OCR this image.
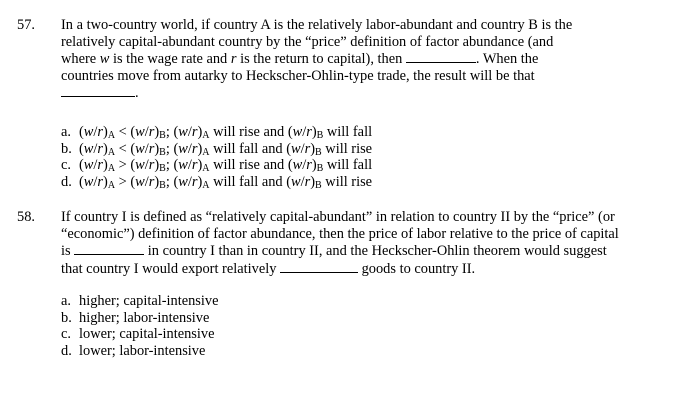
57. In a two-country world, if country A is the relatively labor-abundant and country B is the
relatively capital-abundant country by the “price” definition of factor abundance (and
where w is the wage rate and r is the return to capital), then	. When the
countries move from autarky to Heckscher-Ohlin-type trade, the result will be that
.
a. $(w/r)_A < (w/r)_B$; $(w/r)_A$ will rise and $(w/r)_B$ will fall
b. $(w/r)_A < (w/r)_B$; $(w/r)_A$ will fall and $(w/r)_B$ will rise
c. $(w/r)_A > (w/r)_B$; $(w/r)_A$ will rise and $(w/r)_B$ will fall
d. $(w/r)_A > (w/r)_B$; $(w/r)_A$ will fall and $(w/r)_B$ will rise
58. If country I is defined as “relatively capital-abundant” in relation to country II by the “price” (or
“economic”) definition of factor abundance, then the price of labor relative to the price of capital
is	in country I than in country II, and the Heckscher-Ohlin theorem would suggest
that country I would export relatively	goods to country II.
a. higher; capital-intensive
b. higher; labor-intensive
c. lower; capital-intensive
d. lower; labor-intensive
